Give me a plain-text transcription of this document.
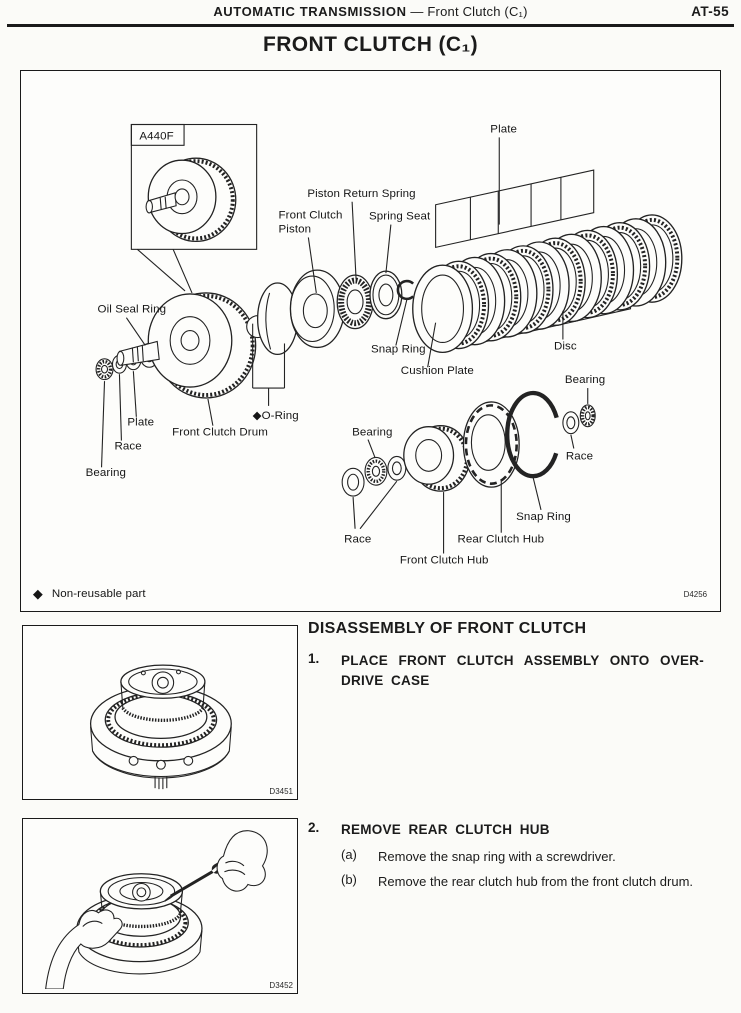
AUTOMATIC TRANSMISSION — Front Clutch (C₁)	AT-55
FRONT CLUTCH (C₁)
A440F
Plate
Piston Return Spring
Front Clutch
Piston
Spring Seat
Oil Seal Ring
Snap Ring	Disc
Cushion Plate
Bearing
Plate
Race
Bearing
◆O-Ring
Front Clutch Drum	Bearing
Race
Snap Ring
Race	Rear Clutch Hub
Front Clutch Hub
◆ Non-reusable part	D4256
D3451
D3452
DISASSEMBLY OF FRONT CLUTCH
1.	PLACE FRONT CLUTCH ASSEMBLY ONTO OVER-
DRIVE CASE
2.	REMOVE REAR CLUTCH HUB
(a)	Remove the snap ring with a screwdriver.
(b)	Remove the rear clutch hub from the front clutch drum.
